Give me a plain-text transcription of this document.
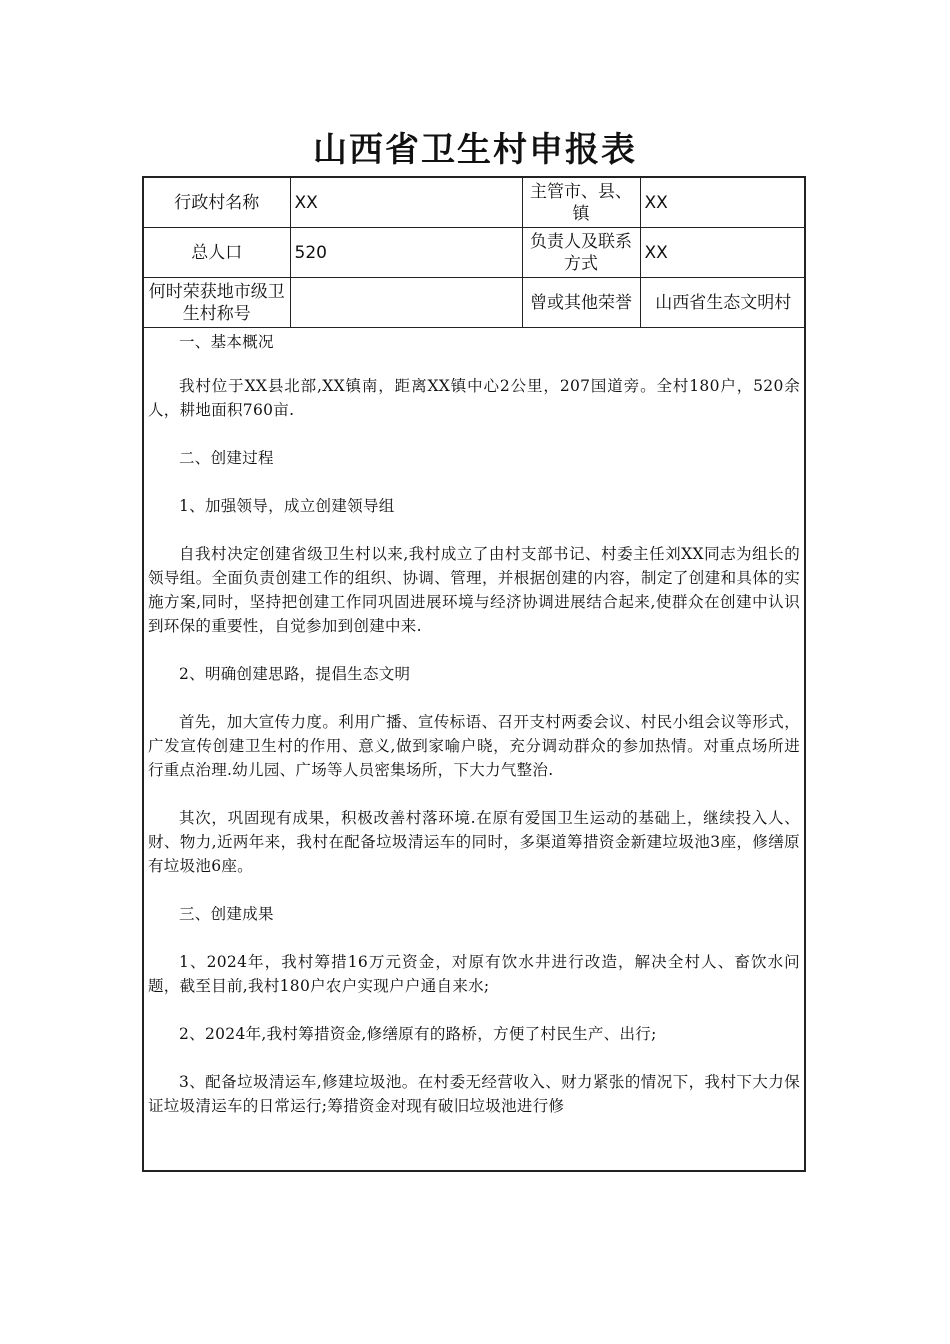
山西省卫生村申报表
行政村名称	XX	主管市、县、镇	XX
总人口	520	负责人及联系方式	XX
何时荣获地市级卫生村称号		曾或其他荣誉	山西省生态文明村

一、基本概况

我村位于XX县北部,XX镇南，距离XX镇中心2公里，207国道旁。全村180户，520余人，耕地面积760亩.

二、创建过程

1、加强领导，成立创建领导组

自我村决定创建省级卫生村以来,我村成立了由村支部书记、村委主任刘XX同志为组长的领导组。全面负责创建工作的组织、协调、管理，并根据创建的内容，制定了创建和具体的实施方案,同时，坚持把创建工作同巩固进展环境与经济协调进展结合起来,使群众在创建中认识到环保的重要性，自觉参加到创建中来.

2、明确创建思路，提倡生态文明

首先，加大宣传力度。利用广播、宣传标语、召开支村两委会议、村民小组会议等形式，广发宣传创建卫生村的作用、意义,做到家喻户晓，充分调动群众的参加热情。对重点场所进行重点治理.幼儿园、广场等人员密集场所，下大力气整治.

其次，巩固现有成果，积极改善村落环境.在原有爱国卫生运动的基础上，继续投入人、财、物力,近两年来，我村在配备垃圾清运车的同时，多渠道筹措资金新建垃圾池3座，修缮原有垃圾池6座。

三、创建成果

1、2024年，我村筹措16万元资金，对原有饮水井进行改造，解决全村人、畜饮水问题，截至目前,我村180户农户实现户户通自来水;

2、2024年,我村筹措资金,修缮原有的路桥，方便了村民生产、出行;

3、配备垃圾清运车,修建垃圾池。在村委无经营收入、财力紧张的情况下，我村下大力保证垃圾清运车的日常运行;筹措资金对现有破旧垃圾池进行修
